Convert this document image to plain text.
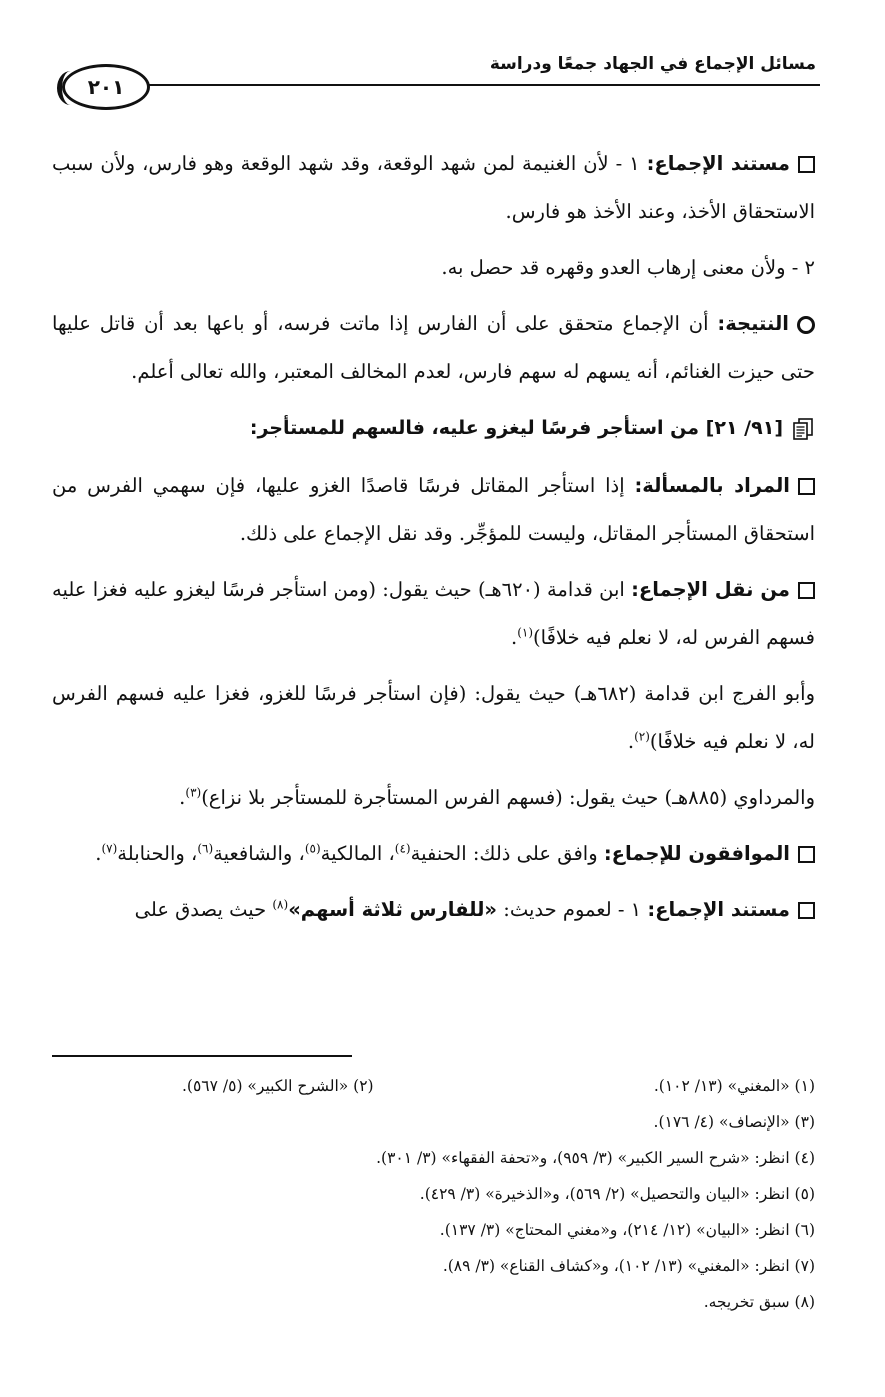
مسائل الإجماع في الجهاد جمعًا ودراسة
٢٠١

مستند الإجماع: ١ - لأن الغنيمة لمن شهد الوقعة، وقد شهد الوقعة وهو فارس، ولأن سبب الاستحقاق الأخذ، وعند الأخذ هو فارس.

٢ - ولأن معنى إرهاب العدو وقهره قد حصل به.

النتيجة: أن الإجماع متحقق على أن الفارس إذا ماتت فرسه، أو باعها بعد أن قاتل عليها حتى حيزت الغنائم، أنه يسهم له سهم فارس، لعدم المخالف المعتبر، والله تعالى أعلم.

[٩١/ ٢١] من استأجر فرسًا ليغزو عليه، فالسهم للمستأجر:

المراد بالمسألة: إذا استأجر المقاتل فرسًا قاصدًا الغزو عليها، فإن سهمي الفرس من استحقاق المستأجر المقاتل، وليست للمؤجِّر. وقد نقل الإجماع على ذلك.

من نقل الإجماع: ابن قدامة (٦٢٠هـ) حيث يقول: (ومن استأجر فرسًا ليغزو عليه فغزا عليه فسهم الفرس له، لا نعلم فيه خلافًا)$^{(١)}$.

وأبو الفرج ابن قدامة (٦٨٢هـ) حيث يقول: (فإن استأجر فرسًا للغزو، فغزا عليه فسهم الفرس له، لا نعلم فيه خلافًا)$^{(٢)}$.

والمرداوي (٨٨٥هـ) حيث يقول: (فسهم الفرس المستأجرة للمستأجر بلا نزاع)$^{(٣)}$.

الموافقون للإجماع: وافق على ذلك: الحنفية$^{(٤)}$، المالكية$^{(٥)}$، والشافعية$^{(٦)}$، والحنابلة$^{(٧)}$.

مستند الإجماع: ١ - لعموم حديث: «للفارس ثلاثة أسهم»$^{(٨)}$ حيث يصدق على

(١) «المغني» (١٣/ ١٠٢).
(٢) «الشرح الكبير» (٥/ ٥٦٧).
(٣) «الإنصاف» (٤/ ١٧٦).
(٤) انظر: «شرح السير الكبير» (٣/ ٩٥٩)، و«تحفة الفقهاء» (٣/ ٣٠١).
(٥) انظر: «البيان والتحصيل» (٢/ ٥٦٩)، و«الذخيرة» (٣/ ٤٢٩).
(٦) انظر: «البيان» (١٢/ ٢١٤)، و«مغني المحتاج» (٣/ ١٣٧).
(٧) انظر: «المغني» (١٣/ ١٠٢)، و«كشاف القناع» (٣/ ٨٩).
(٨) سبق تخريجه.
